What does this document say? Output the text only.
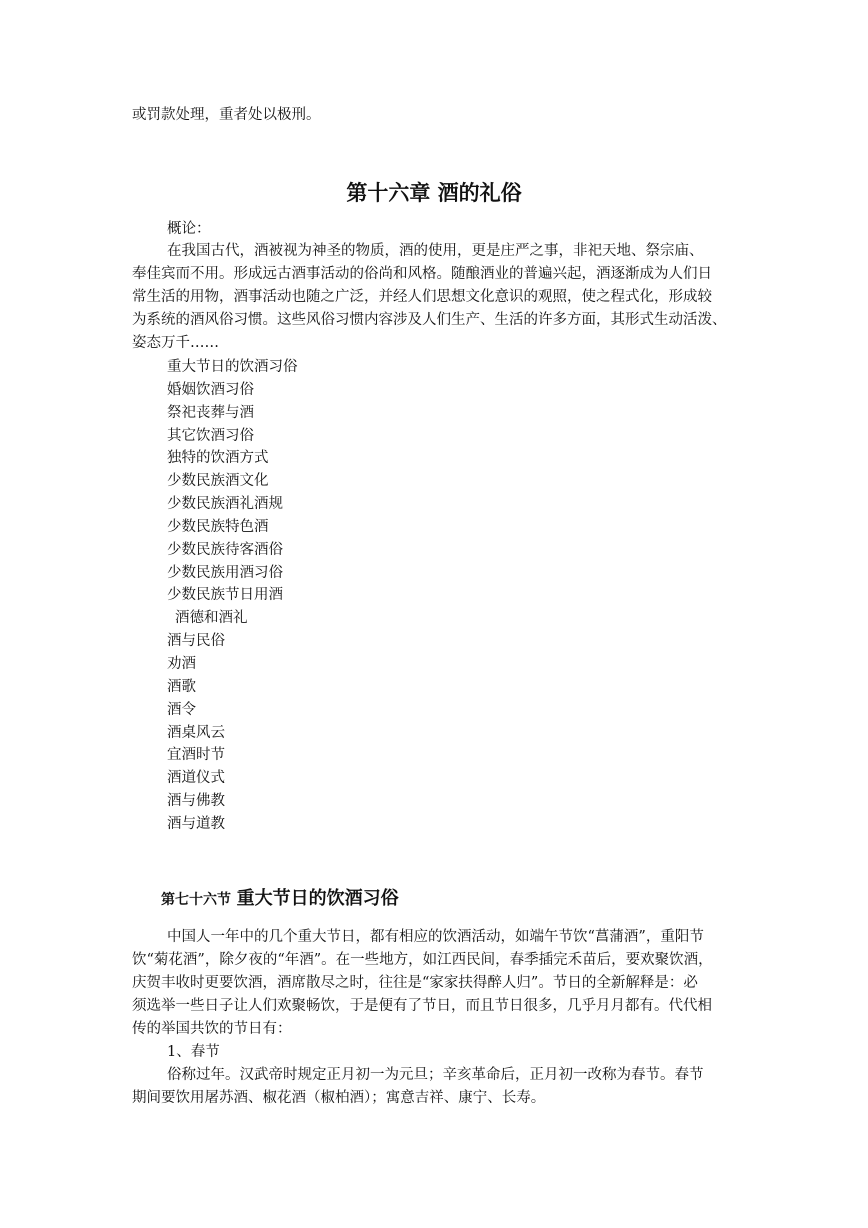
或罚款处理，重者处以极刑。
第十六章 酒的礼俗
概论：

在我国古代，酒被视为神圣的物质，酒的使用，更是庄严之事，非祀天地、祭宗庙、

奉佳宾而不用。形成远古酒事活动的俗尚和风格。随酿酒业的普遍兴起，酒逐渐成为人们日

常生活的用物，酒事活动也随之广泛，并经人们思想文化意识的观照，使之程式化，形成较

为系统的酒风俗习惯。这些风俗习惯内容涉及人们生产、生活的许多方面，其形式生动活泼、

姿态万千……

重大节日的饮酒习俗
婚姻饮酒习俗
祭祀丧葬与酒
其它饮酒习俗
独特的饮酒方式
少数民族酒文化
少数民族酒礼酒规
少数民族特色酒
少数民族待客酒俗
少数民族用酒习俗
少数民族节日用酒
酒德和酒礼
酒与民俗
劝酒
酒歌
酒令
酒桌风云
宜酒时节
酒道仪式
酒与佛教
酒与道教
第七十六节 重大节日的饮酒习俗

中国人一年中的几个重大节日，都有相应的饮酒活动，如端午节饮“菖蒲酒”，重阳节

饮“菊花酒”，除夕夜的“年酒”。在一些地方，如江西民间，春季插完禾苗后，要欢聚饮酒，

庆贺丰收时更要饮酒，酒席散尽之时，往往是“家家扶得醉人归”。节日的全新解释是：必

须选举一些日子让人们欢聚畅饮，于是便有了节日，而且节日很多，几乎月月都有。代代相

传的举国共饮的节日有：

1、春节

俗称过年。汉武帝时规定正月初一为元旦；辛亥革命后，正月初一改称为春节。春节

期间要饮用屠苏酒、椒花酒（椒柏酒）；寓意吉祥、康宁、长寿。
